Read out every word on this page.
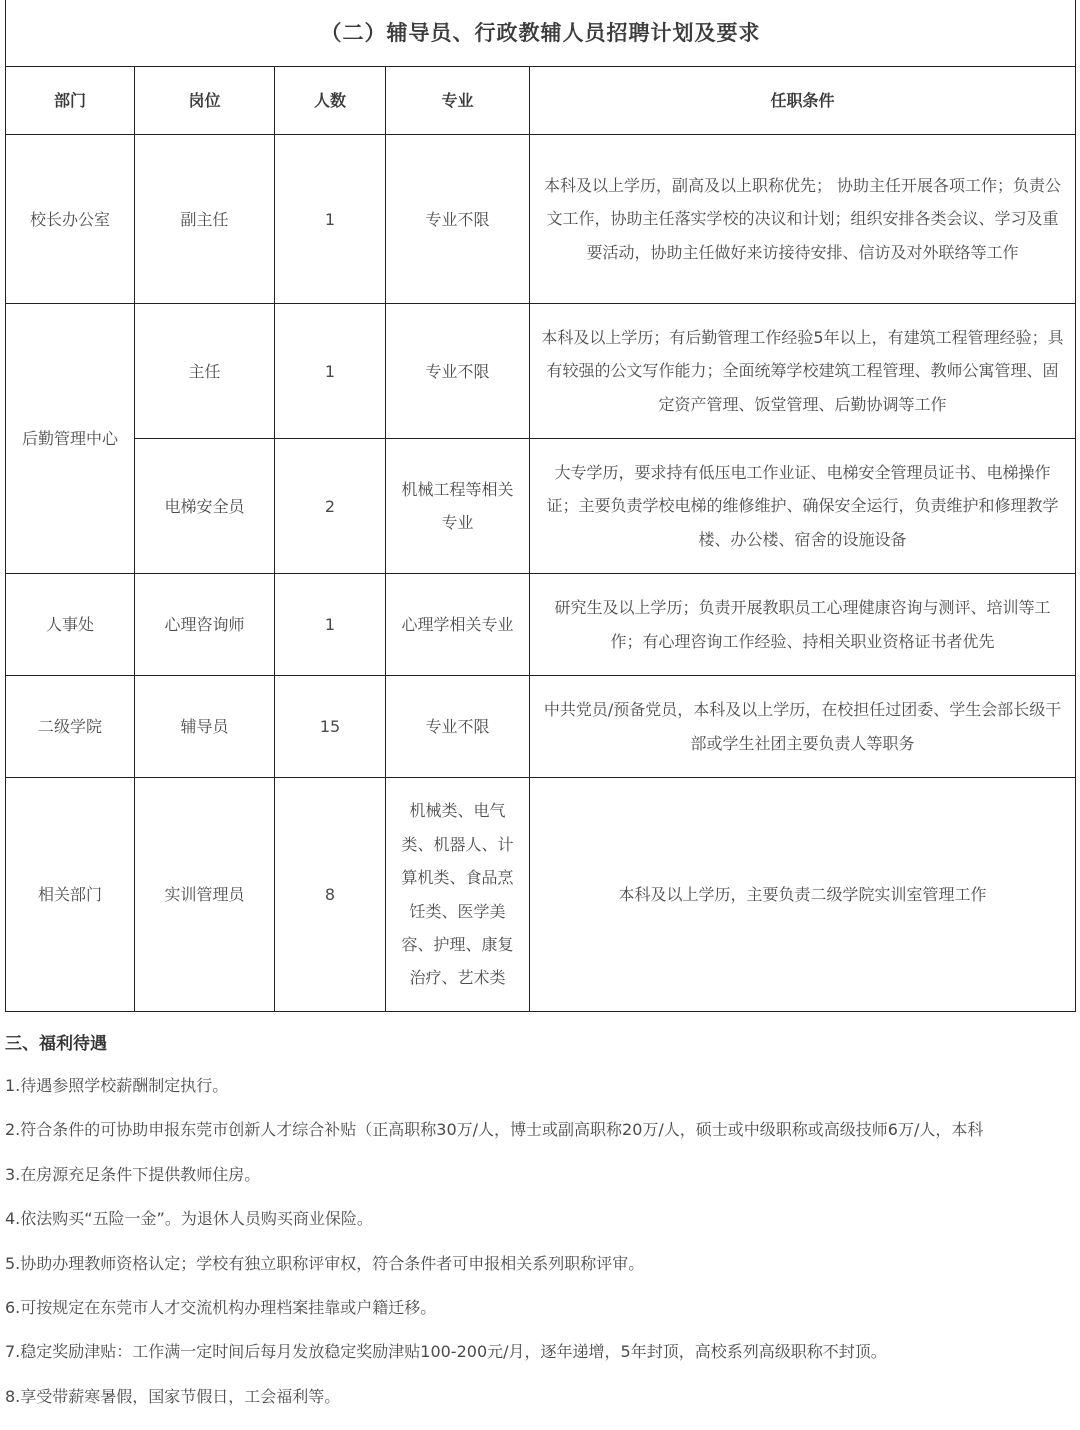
（二）辅导员、行政教辅人员招聘计划及要求				
部门	岗位	人数	专业	任职条件
校长办公室	副主任	1	专业不限	本科及以上学历，副高及以上职称优先； 协助主任开展各项工作；负责公文工作，协助主任落实学校的决议和计划；组织安排各类会议、学习及重要活动，协助主任做好来访接待安排、信访及对外联络等工作
后勤管理中心	主任	1	专业不限	本科及以上学历；有后勤管理工作经验5年以上，有建筑工程管理经验；具有较强的公文写作能力；全面统筹学校建筑工程管理、教师公寓管理、固定资产管理、饭堂管理、后勤协调等工作
	电梯安全员	2	机械工程等相关专业	大专学历，要求持有低压电工作业证、电梯安全管理员证书、电梯操作证；主要负责学校电梯的维修维护、确保安全运行，负责维护和修理教学楼、办公楼、宿舍的设施设备
人事处	心理咨询师	1	心理学相关专业	研究生及以上学历；负责开展教职员工心理健康咨询与测评、培训等工作；有心理咨询工作经验、持相关职业资格证书者优先
二级学院	辅导员	15	专业不限	中共党员/预备党员，本科及以上学历，在校担任过团委、学生会部长级干部或学生社团主要负责人等职务
相关部门	实训管理员	8	机械类、电气类、机器人、计算机类、食品烹饪类、医学美容、护理、康复治疗、艺术类	本科及以上学历，主要负责二级学院实训室管理工作
三、福利待遇

1.待遇参照学校薪酬制定执行。

2.符合条件的可协助申报东莞市创新人才综合补贴（正高职称30万/人，博士或副高职称20万/人，硕士或中级职称或高级技师6万/人，本科

3.在房源充足条件下提供教师住房。

4.依法购买“五险一金”。为退休人员购买商业保险。

5.协助办理教师资格认定；学校有独立职称评审权，符合条件者可申报相关系列职称评审。

6.可按规定在东莞市人才交流机构办理档案挂靠或户籍迁移。

7.稳定奖励津贴：工作满一定时间后每月发放稳定奖励津贴100-200元/月，逐年递增，5年封顶，高校系列高级职称不封顶。

8.享受带薪寒暑假，国家节假日，工会福利等。
